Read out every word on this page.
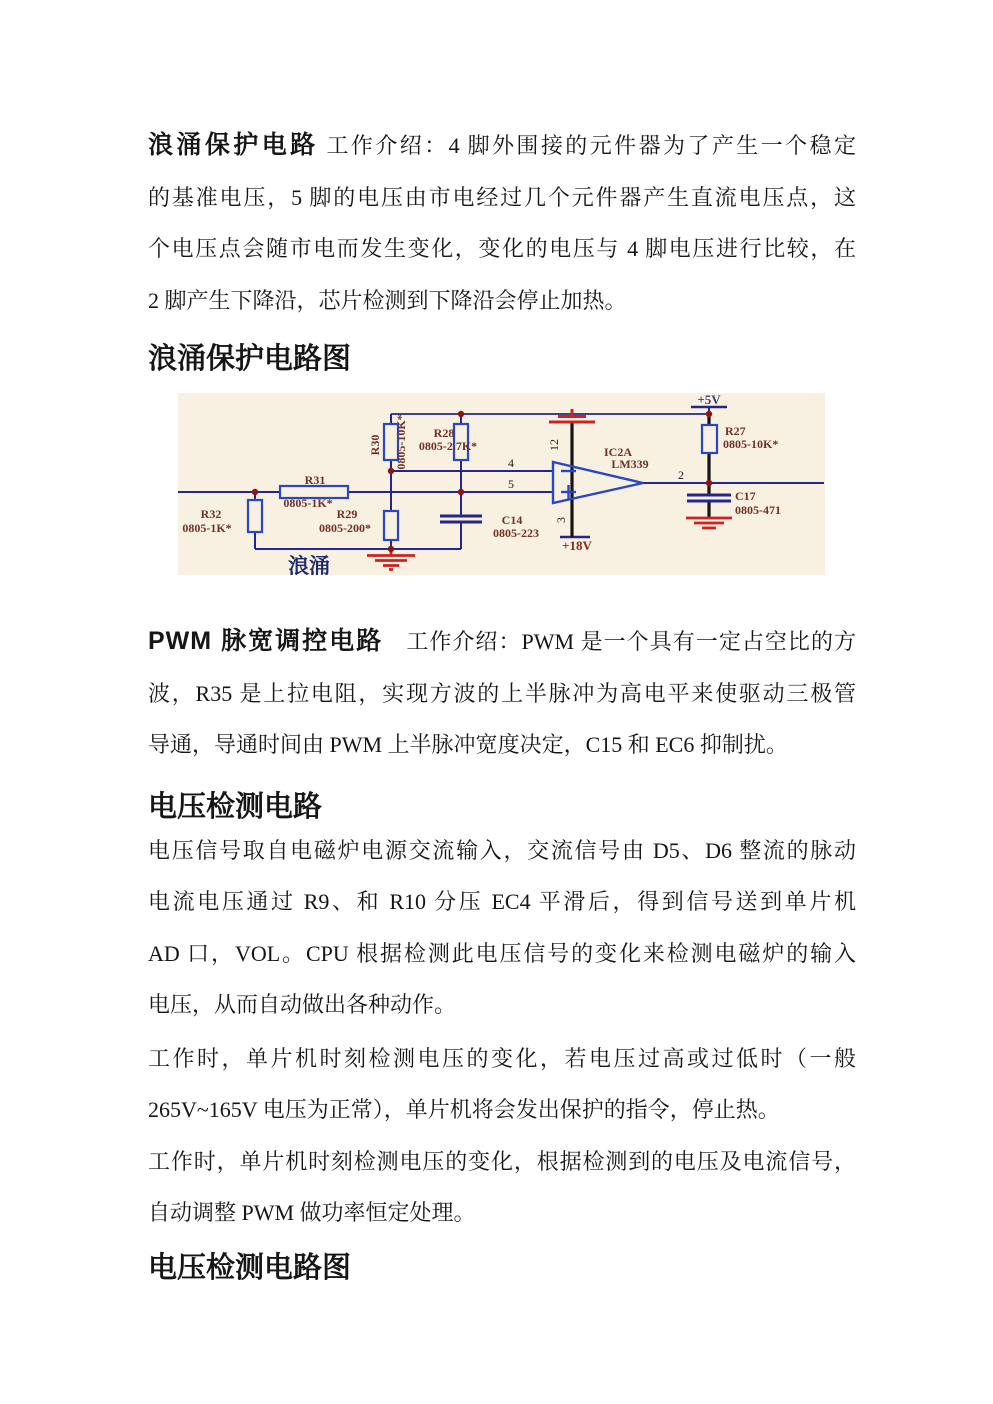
浪涌保护电路 工作介绍：4 脚外围接的元件器为了产生一个稳定
的基准电压，5 脚的电压由市电经过几个元件器产生直流电压点，这
个电压点会随市电而发生变化，变化的电压与 4 脚电压进行比较，在
2 脚产生下降沿，芯片检测到下降沿会停止加热。
浪涌保护电路图
R31
0805-1K*
R32
0805-1K*
R29
0805-200*
R30 0805-10K* R28
0805-2.7K*
C14
0805-223
R27
0805-10K*
C17
0805-471
IC2A
LM339
4
5
2
12
3
+5V
+18V
浪涌
PWM 脉宽调控电路　工作介绍：PWM 是一个具有一定占空比的方
波，R35 是上拉电阻，实现方波的上半脉冲为高电平来使驱动三极管
导通，导通时间由 PWM 上半脉冲宽度决定，C15 和 EC6 抑制扰。
电压检测电路
电压信号取自电磁炉电源交流输入，交流信号由 D5、D6 整流的脉动
电流电压通过 R9、和 R10 分压 EC4 平滑后，得到信号送到单片机
AD 口，VOL。CPU 根据检测此电压信号的变化来检测电磁炉的输入
电压，从而自动做出各种动作。
工作时，单片机时刻检测电压的变化，若电压过高或过低时（一般
265V~165V 电压为正常），单片机将会发出保护的指令，停止热。
工作时，单片机时刻检测电压的变化，根据检测到的电压及电流信号，
自动调整 PWM 做功率恒定处理。
电压检测电路图
